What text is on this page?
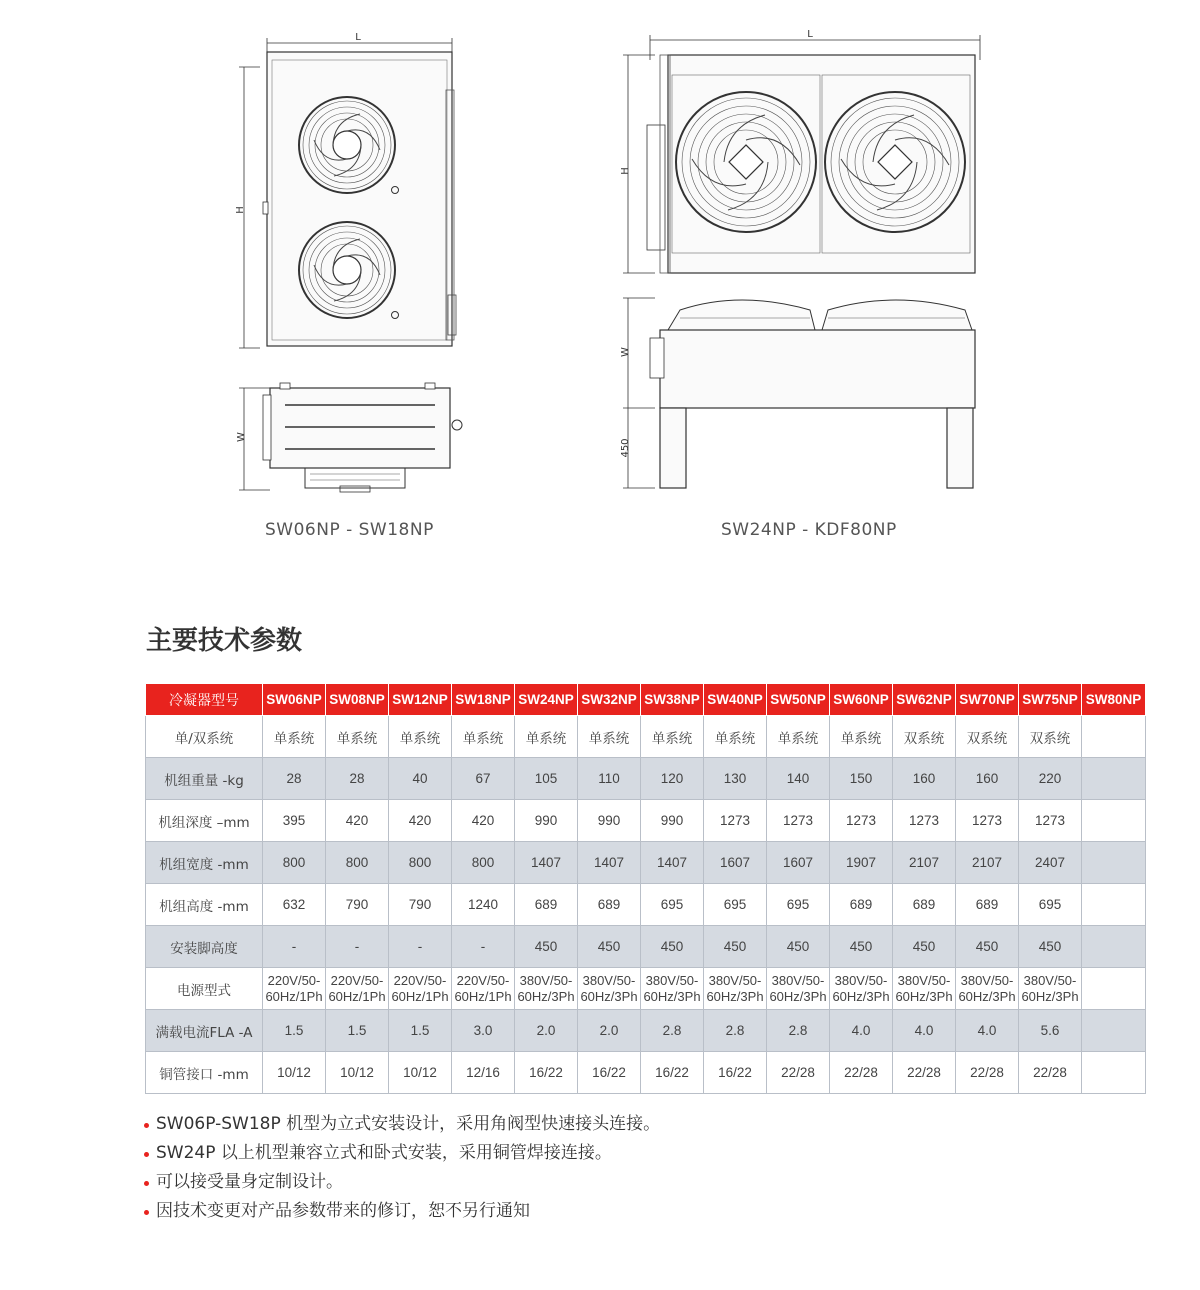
L
H
W
L
H
W
450
SW06NP - SW18NP	SW24NP - KDF80NP
主要技术参数
冷凝器型号	SW06NP	SW08NP	SW12NP	SW18NP	SW24NP	SW32NP	SW38NP	SW40NP	SW50NP	SW60NP	SW62NP	SW70NP	SW75NP	SW80NP
单/双系统	单系统	单系统	单系统	单系统	单系统	单系统	单系统	单系统	单系统	单系统	双系统	双系统	双系统	
机组重量 -kg	28	28	40	67	105	110	120	130	140	150	160	160	220	
机组深度 –mm	395	420	420	420	990	990	990	1273	1273	1273	1273	1273	1273	
机组宽度 -mm	800	800	800	800	1407	1407	1407	1607	1607	1907	2107	2107	2407	
机组高度 -mm	632	790	790	1240	689	689	695	695	695	689	689	689	695	
安装脚高度	-	-	-	-	450	450	450	450	450	450	450	450	450	
电源型式	220V/50-60Hz/1Ph	220V/50-60Hz/1Ph	220V/50-60Hz/1Ph	220V/50-60Hz/1Ph	380V/50-60Hz/3Ph	380V/50-60Hz/3Ph	380V/50-60Hz/3Ph	380V/50-60Hz/3Ph	380V/50-60Hz/3Ph	380V/50-60Hz/3Ph	380V/50-60Hz/3Ph	380V/50-60Hz/3Ph	380V/50-60Hz/3Ph	
满载电流FLA -A	1.5	1.5	1.5	3.0	2.0	2.0	2.8	2.8	2.8	4.0	4.0	4.0	5.6	
铜管接口 -mm	10/12	10/12	10/12	12/16	16/22	16/22	16/22	16/22	22/28	22/28	22/28	22/28	22/28	
SW06P-SW18P 机型为立式安装设计，采用角阀型快速接头连接。
SW24P 以上机型兼容立式和卧式安装，采用铜管焊接连接。
可以接受量身定制设计。
因技术变更对产品参数带来的修订，恕不另行通知
